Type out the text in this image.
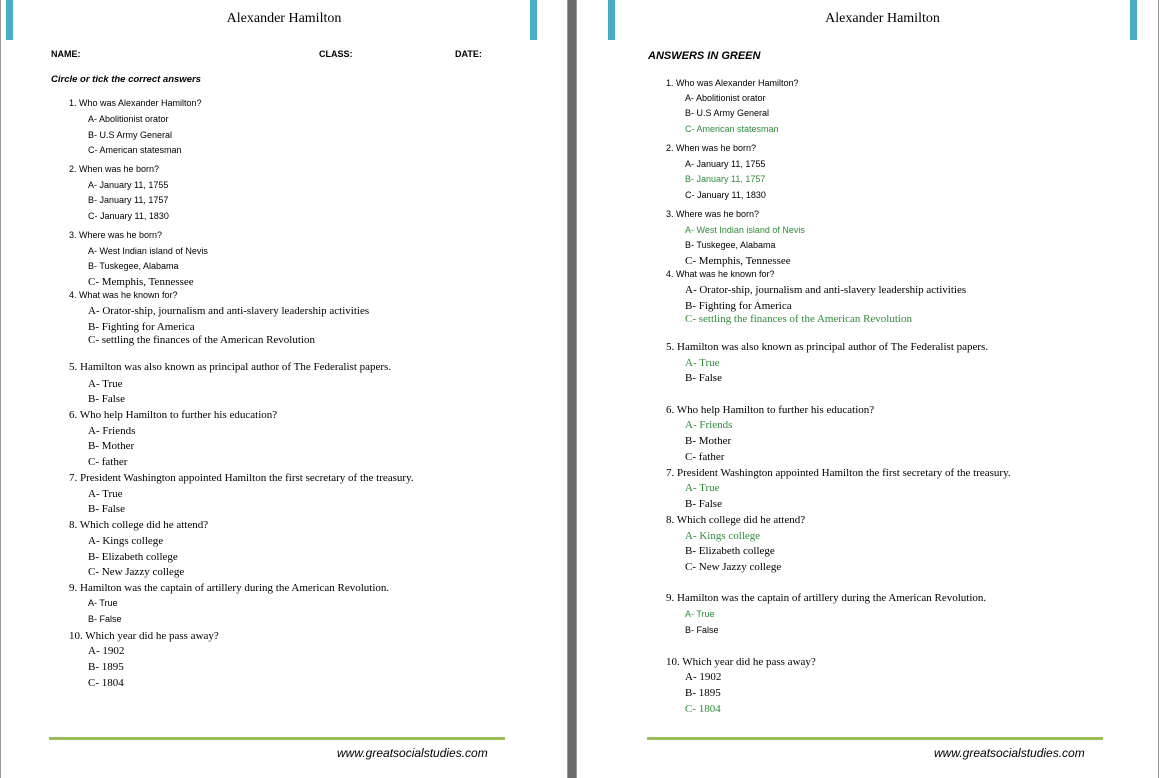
Alexander Hamilton
NAME:	CLASS:	DATE:
Circle or tick the correct answers
1. Who was Alexander Hamilton?
A- Abolitionist orator
B- U.S Army General
C- American statesman
2. When was he born?
A- January 11, 1755
B- January 11, 1757
C- January 11, 1830
3. Where was he born?
A- West Indian island of Nevis
B- Tuskegee, Alabama
C- Memphis, Tennessee
4. What was he known for?
A- Orator-ship, journalism and anti-slavery leadership activities
B- Fighting for America
C- settling the finances of the American Revolution
5. Hamilton was also known as principal author of The Federalist papers.
A- True
B- False
6. Who help Hamilton to further his education?
A- Friends
B- Mother
C- father
7. President Washington appointed Hamilton the first secretary of the treasury.
A- True
B- False
8. Which college did he attend?
A- Kings college
B- Elizabeth college
C- New Jazzy college
9. Hamilton was the captain of artillery during the American Revolution.
A- True
B- False
10. Which year did he pass away?
A- 1902
B- 1895
C- 1804
www.greatsocialstudies.com
Alexander Hamilton
ANSWERS IN GREEN
1. Who was Alexander Hamilton?
A- Abolitionist orator
B- U.S Army General
C- American statesman
2. When was he born?
A- January 11, 1755
B- January 11, 1757
C- January 11, 1830
3. Where was he born?
A- West Indian island of Nevis
B- Tuskegee, Alabama
C- Memphis, Tennessee
4. What was he known for?
A- Orator-ship, journalism and anti-slavery leadership activities
B- Fighting for America
C- settling the finances of the American Revolution
5. Hamilton was also known as principal author of The Federalist papers.
A- True
B- False
6. Who help Hamilton to further his education?
A- Friends
B- Mother
C- father
7. President Washington appointed Hamilton the first secretary of the treasury.
A- True
B- False
8. Which college did he attend?
A- Kings college
B- Elizabeth college
C- New Jazzy college
9. Hamilton was the captain of artillery during the American Revolution.
A- True
B- False
10. Which year did he pass away?
A- 1902
B- 1895
C- 1804
www.greatsocialstudies.com
